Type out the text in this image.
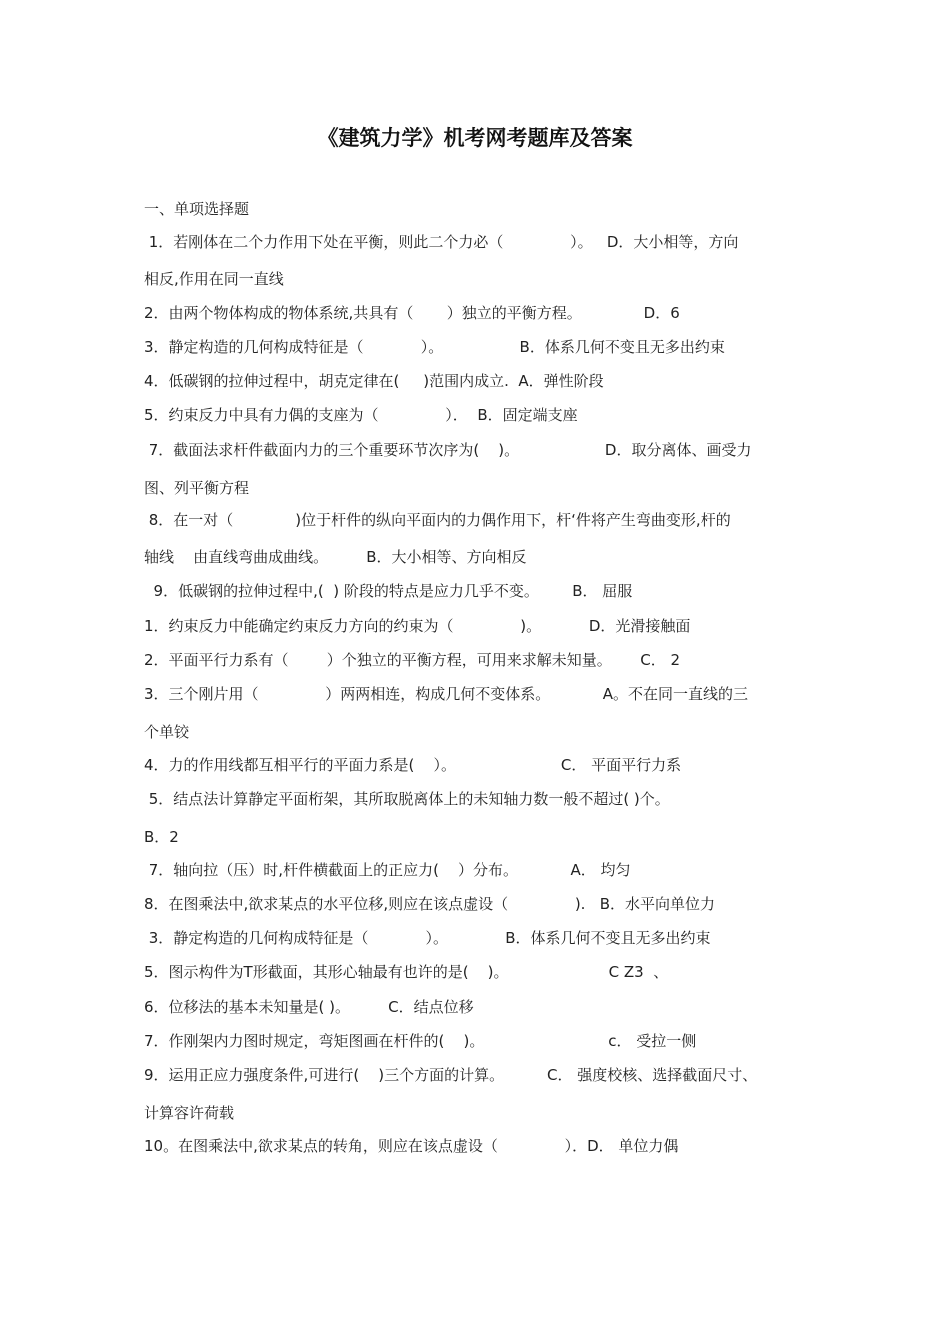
《建筑力学》机考网考题库及答案
一、单项选择题
1．若刚体在二个力作用下处在平衡，则此二个力必（              ）。   D．大小相等，方向
相反,作用在同一直线
2．由两个物体构成的物体系统,共具有（       ）独立的平衡方程。             D．6
3．静定构造的几何构成特征是（            ）。                B．体系几何不变且无多出约束
4．低碳钢的拉伸过程中，胡克定律在(     )范围内成立.  A．弹性阶段
5．约束反力中具有力偶的支座为（              ）．  B．固定端支座
7．截面法求杆件截面内力的三个重要环节次序为(    )。                  D．取分离体、画受力
图、列平衡方程
8．在一对（             )位于杆件的纵向平面内的力偶作用下，杆‘件将产生弯曲变形,杆的
轴线    由直线弯曲成曲线。        B．大小相等、方向相反
9．低碳钢的拉伸过程中,(  ) 阶段的特点是应力几乎不变。       B． 屈服
1．约束反力中能确定约束反力方向的约束为（              )。          D．光滑接触面
2．平面平行力系有（        ）个独立的平衡方程，可用来求解未知量。      C． 2
3．三个刚片用（              ）两两相连，构成几何不变体系。           A。不在同一直线的三
个单铰
4．力的作用线都互相平行的平面力系是(    ）。                      C． 平面平行力系
5．结点法计算静定平面桁架，其所取脱离体上的未知轴力数一般不超过( )个。
B．2
7．轴向拉（压）时,杆件横截面上的正应力(    ）分布。           A． 均匀
8．在图乘法中,欲求某点的水平位移,则应在该点虚设（              ).   B．水平向单位力
3．静定构造的几何构成特征是（            ）。            B．体系几何不变且无多出约束
5．图示构件为T形截面，其形心轴最有也许的是(    )。                     C Z3  、
6．位移法的基本未知量是( )。        C．结点位移
7．作刚架内力图时规定，弯矩图画在杆件的(    )。                          c． 受拉一侧
9．运用正应力强度条件,可进行(    )三个方面的计算。         C． 强度校核、选择截面尺寸、
计算容许荷载
10。在图乘法中,欲求某点的转角，则应在该点虚设（              ）．D． 单位力偶
